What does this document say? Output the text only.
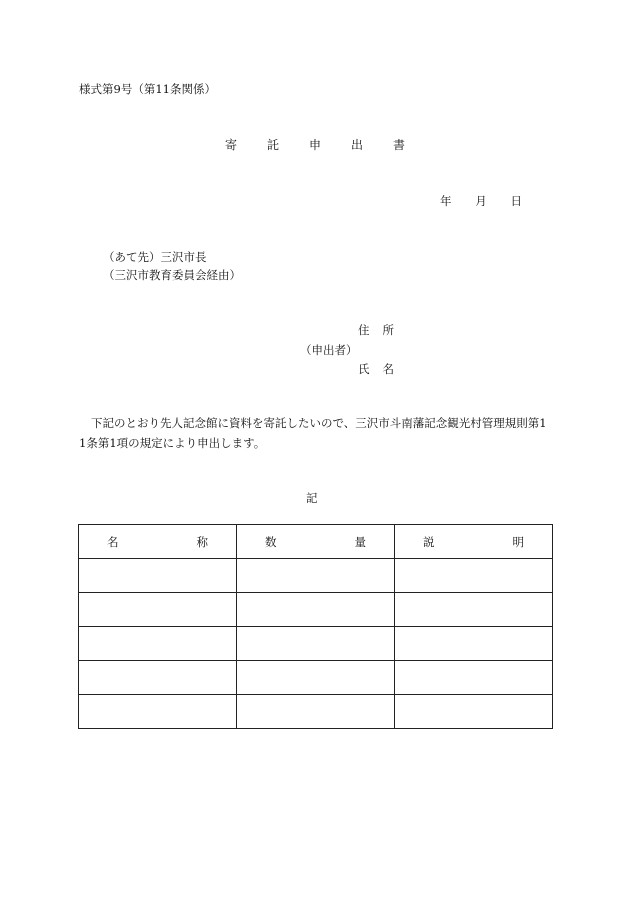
様式第9号（第11条関係）
寄 託 申 出 書
年 月 日
（あて先）三沢市長
（三沢市教育委員会経由）
住 所
（申出者）
氏 名
下記のとおり先人記念館に資料を寄託したいので、三沢市斗南藩記念観光村管理規則第11条第1項の規定により申出します。
記
名 称	数 量	説 明
